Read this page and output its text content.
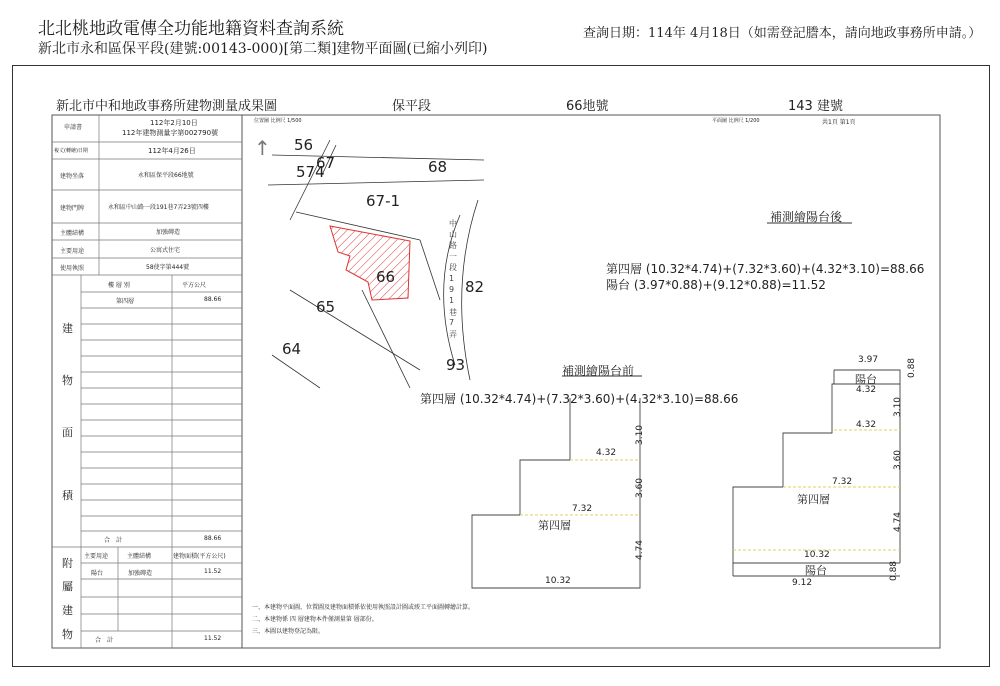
北北桃地政電傳全功能地籍資料查詢系統
新北市永和區保平段(建號:00143-000)[第二類]建物平面圖(已縮小列印)
查詢日期：114年 4月18日（如需登記謄本，請向地政事務所申請。）
新北市中和地政事務所建物測量成果圖	保平段	66地號	143 建號
位置圖 比例尺 1/500	平面圖 比例尺 1/200	共1頁 第1頁
申請書
112年2月10日
112年建物測量字第002790號
複丈(轉繪)日期	112年4月26日
建物坐落	永和區保平段66地號
建物門牌	永和區中山路一段191巷7弄23號四樓
主體結構	加強磚造
主要用途	公寓式住宅
使用執照	58使字第444號
建
物
面
積
樓 層 別	平方公尺
第四層	88.66
合　計	88.66
附
屬
建
物
主要用途	主體結構	建物面積(平方公尺)
陽台	加強磚造	11.52
合　計	11.52
一、本建物平面圖、位置圖及建物面積係依使用執照設計圖或竣工平面圖轉繪計算。
二、本建物係 四 層建物本件僅測量第 層部份。
三、本圖以建物登記為限。
↑ 56
67
574	68
67-1
66
65
82
64
93
中
山
路
一
段
1
9
1
巷
7
弄
補測繪陽台後
第四層 (10.32*4.74)+(7.32*3.60)+(4.32*3.10)=88.66
陽台 (3.97*0.88)+(9.12*0.88)=11.52
3.97	0.88
陽台
4.32
3.10
4.32
3.60
7.32
第四層
4.74
10.32
陽台
9.12
0.88
補測繪陽台前
第四層 (10.32*4.74)+(7.32*3.60)+(4.32*3.10)=88.66
3.10
4.32
3.60
7.32
第四層
4.74
10.32
